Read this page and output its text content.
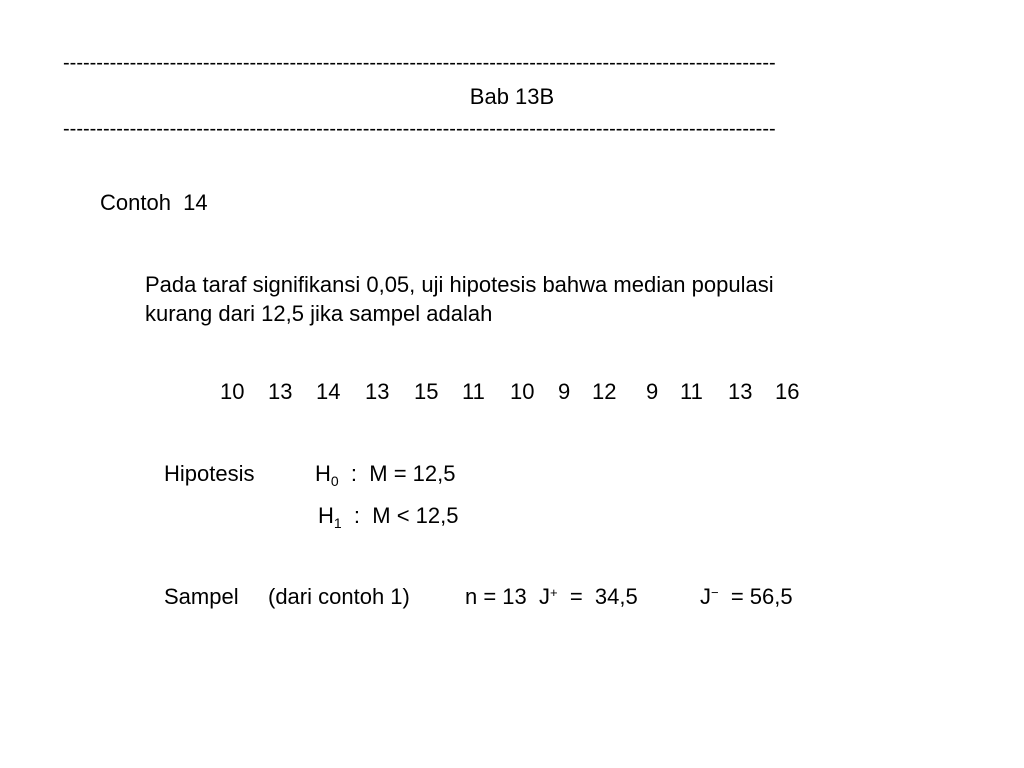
-----------------------------------------------------------------------------------------------------------
Bab 13B
-----------------------------------------------------------------------------------------------------------
Contoh  14
Pada taraf signifikansi 0,05, uji hipotesis bahwa median populasi
kurang dari 12,5 jika sampel adalah
10 13 14 13 15 11 10 9 12 9 11 13 16
Hipotesis	$H_0$  :  M = 12,5
$H_1$  :  M < 12,5
Sampel (dari contoh 1)	n = 13  J+  =  34,5	J−  = 56,5
